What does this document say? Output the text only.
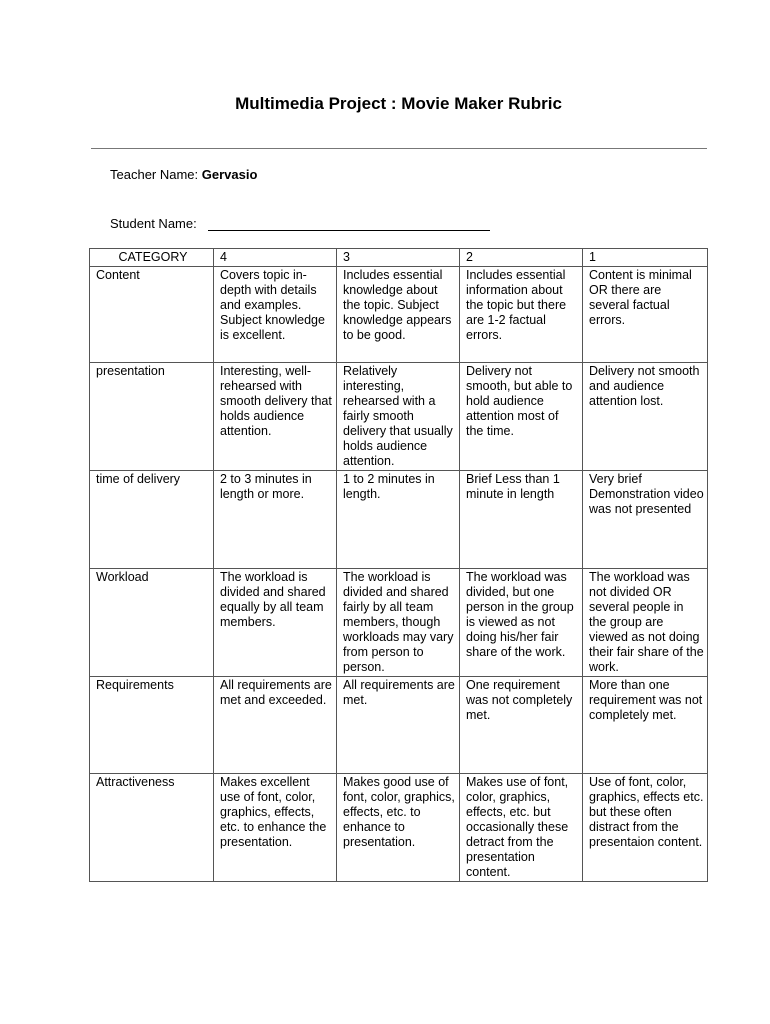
Multimedia Project : Movie Maker Rubric
Teacher Name: Gervasio
Student Name:
CATEGORY	4	3	2	1
Content	Covers topic in-depth with details and examples. Subject knowledge is excellent.	Includes essential knowledge about the topic. Subject knowledge appears to be good.	Includes essential information about the topic but there are 1-2 factual errors.	Content is minimal OR there are several factual errors.
presentation	Interesting, well-rehearsed with smooth delivery that holds audience attention.	Relatively interesting, rehearsed with a fairly smooth delivery that usually holds audience attention.	Delivery not smooth, but able to hold audience attention most of the time.	Delivery not smooth and audience attention lost.
time of delivery	2 to 3 minutes in length or more.	1 to 2 minutes in length.	Brief Less than 1 minute in length	Very brief Demonstration video was not presented
Workload	The workload is divided and shared equally by all team members.	The workload is divided and shared fairly by all team members, though workloads may vary from person to person.	The workload was divided, but one person in the group is viewed as not doing his/her fair share of the work.	The workload was not divided OR several people in the group are viewed as not doing their fair share of the work.
Requirements	All requirements are met and exceeded.	All requirements are met.	One requirement was not completely met.	More than one requirement was not completely met.
Attractiveness	Makes excellent use of font, color, graphics, effects, etc. to enhance the presentation.	Makes good use of font, color, graphics, effects, etc. to enhance to presentation.	Makes use of font, color, graphics, effects, etc. but occasionally these detract from the presentation content.	Use of font, color, graphics, effects etc. but these often distract from the presentaion content.
